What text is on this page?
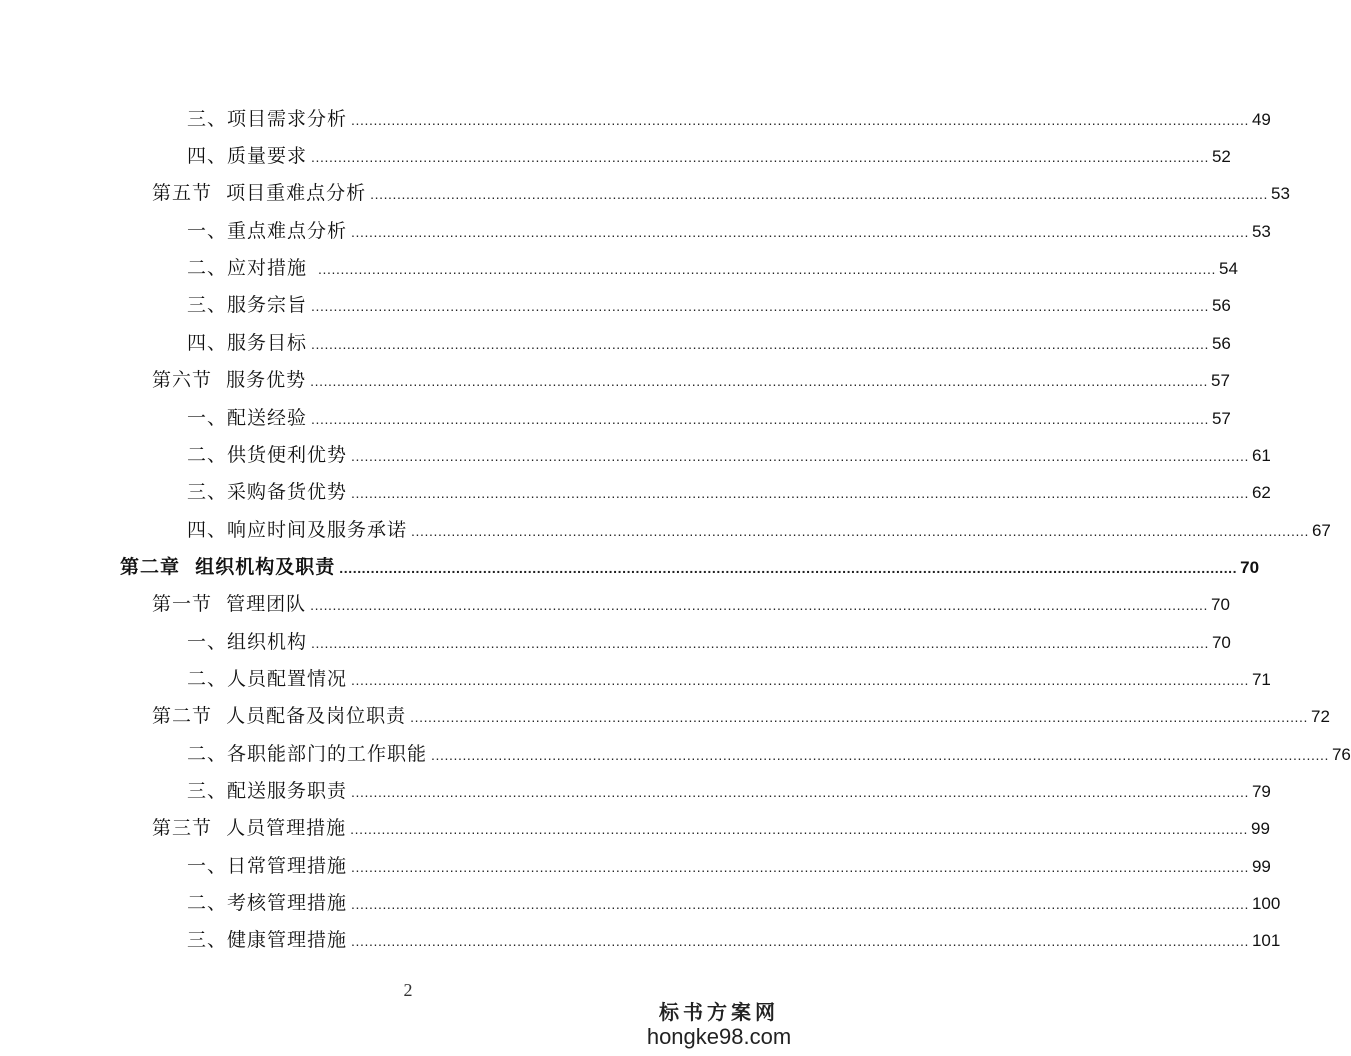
三、项目需求分析 ........................................................................................................................................................................................................ 49
四、质量要求 ........................................................................................................................................................................................................ 52
第五节  项目重难点分析 ........................................................................................................................................................................................................ 53
一、重点难点分析 ........................................................................................................................................................................................................ 53
二、应对措施 ........................................................................................................................................................................................................ 54
三、服务宗旨 ........................................................................................................................................................................................................ 56
四、服务目标 ........................................................................................................................................................................................................ 56
第六节  服务优势 ........................................................................................................................................................................................................ 57
一、配送经验 ........................................................................................................................................................................................................ 57
二、供货便利优势 ........................................................................................................................................................................................................ 61
三、采购备货优势 ........................................................................................................................................................................................................ 62
四、响应时间及服务承诺 ........................................................................................................................................................................................................ 67
第二章  组织机构及职责 ........................................................................................................................................................................................................ 70
第一节  管理团队 ........................................................................................................................................................................................................ 70
一、组织机构 ........................................................................................................................................................................................................ 70
二、人员配置情况 ........................................................................................................................................................................................................ 71
第二节  人员配备及岗位职责 ........................................................................................................................................................................................................ 72
二、各职能部门的工作职能 ........................................................................................................................................................................................................ 76
三、配送服务职责 ........................................................................................................................................................................................................ 79
第三节  人员管理措施 ........................................................................................................................................................................................................ 99
一、日常管理措施 ........................................................................................................................................................................................................ 99
二、考核管理措施 ........................................................................................................................................................................................................ 100
三、健康管理措施 ........................................................................................................................................................................................................ 101
2
标书方案网
hongke98.com
